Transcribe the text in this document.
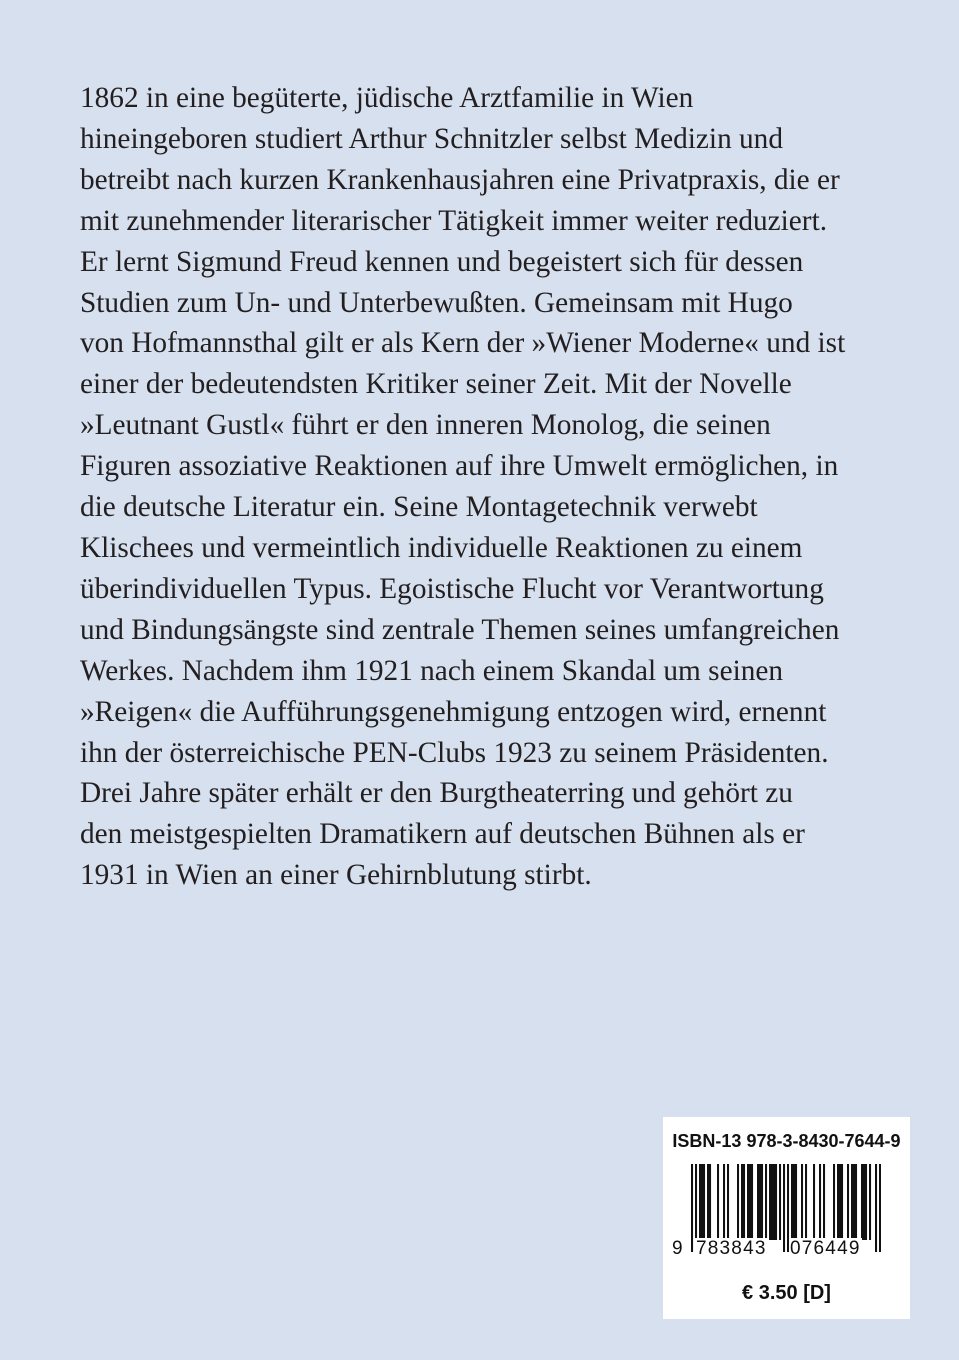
1862 in eine begüterte, jüdische Arztfamilie in Wien
hineingeboren studiert Arthur Schnitzler selbst Medizin und
betreibt nach kurzen Krankenhausjahren eine Privatpraxis, die er
mit zunehmender literarischer Tätigkeit immer weiter reduziert.
Er lernt Sigmund Freud kennen und begeistert sich für dessen
Studien zum Un- und Unterbewußten. Gemeinsam mit Hugo
von Hofmannsthal gilt er als Kern der »Wiener Moderne« und ist
einer der bedeutendsten Kritiker seiner Zeit. Mit der Novelle
»Leutnant Gustl« führt er den inneren Monolog, die seinen
Figuren assoziative Reaktionen auf ihre Umwelt ermöglichen, in
die deutsche Literatur ein. Seine Montagetechnik verwebt
Klischees und vermeintlich individuelle Reaktionen zu einem
überindividuellen Typus. Egoistische Flucht vor Verantwortung
und Bindungsängste sind zentrale Themen seines umfangreichen
Werkes. Nachdem ihm 1921 nach einem Skandal um seinen
»Reigen« die Aufführungsgenehmigung entzogen wird, ernennt
ihn der österreichische PEN-Clubs 1923 zu seinem Präsidenten.
Drei Jahre später erhält er den Burgtheaterring und gehört zu
den meistgespielten Dramatikern auf deutschen Bühnen als er
1931 in Wien an einer Gehirnblutung stirbt.

ISBN-13 978-3-8430-7644-9
9 783843 076449
€ 3.50 [D]
